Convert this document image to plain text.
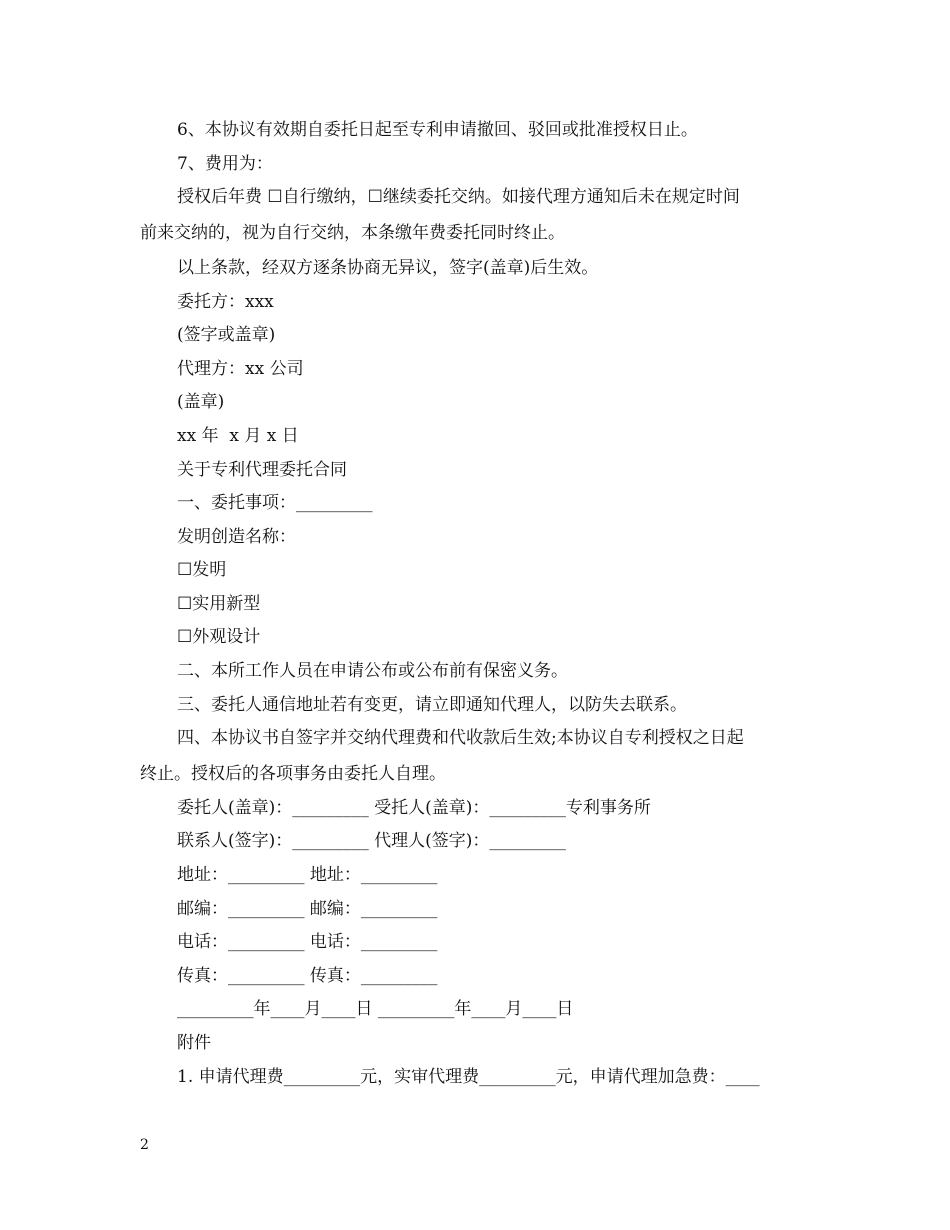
6、本协议有效期自委托日起至专利申请撤回、驳回或批准授权日止。
7、费用为：
授权后年费 ☐自行缴纳，☐继续委托交纳。如接代理方通知后未在规定时间
前来交纳的，视为自行交纳，本条缴年费委托同时终止。
以上条款，经双方逐条协商无异议，签字(盖章)后生效。
委托方：xxx
(签字或盖章)
代理方：xx 公司
(盖章)
xx 年  x 月 x 日
关于专利代理委托合同
一、委托事项：_________
发明创造名称：
☐发明
☐实用新型
☐外观设计
二、本所工作人员在申请公布或公布前有保密义务。
三、委托人通信地址若有变更，请立即通知代理人，以防失去联系。
四、本协议书自签字并交纳代理费和代收款后生效;本协议自专利授权之日起
终止。授权后的各项事务由委托人自理。
委托人(盖章)：_________ 受托人(盖章)：_________专利事务所
联系人(签字)：_________ 代理人(签字)：_________
地址：_________ 地址：_________
邮编：_________ 邮编：_________
电话：_________ 电话：_________
传真：_________ 传真：_________
_________年____月____日 _________年____月____日
附件
1. 申请代理费_________元，实审代理费_________元，申请代理加急费：____
2
